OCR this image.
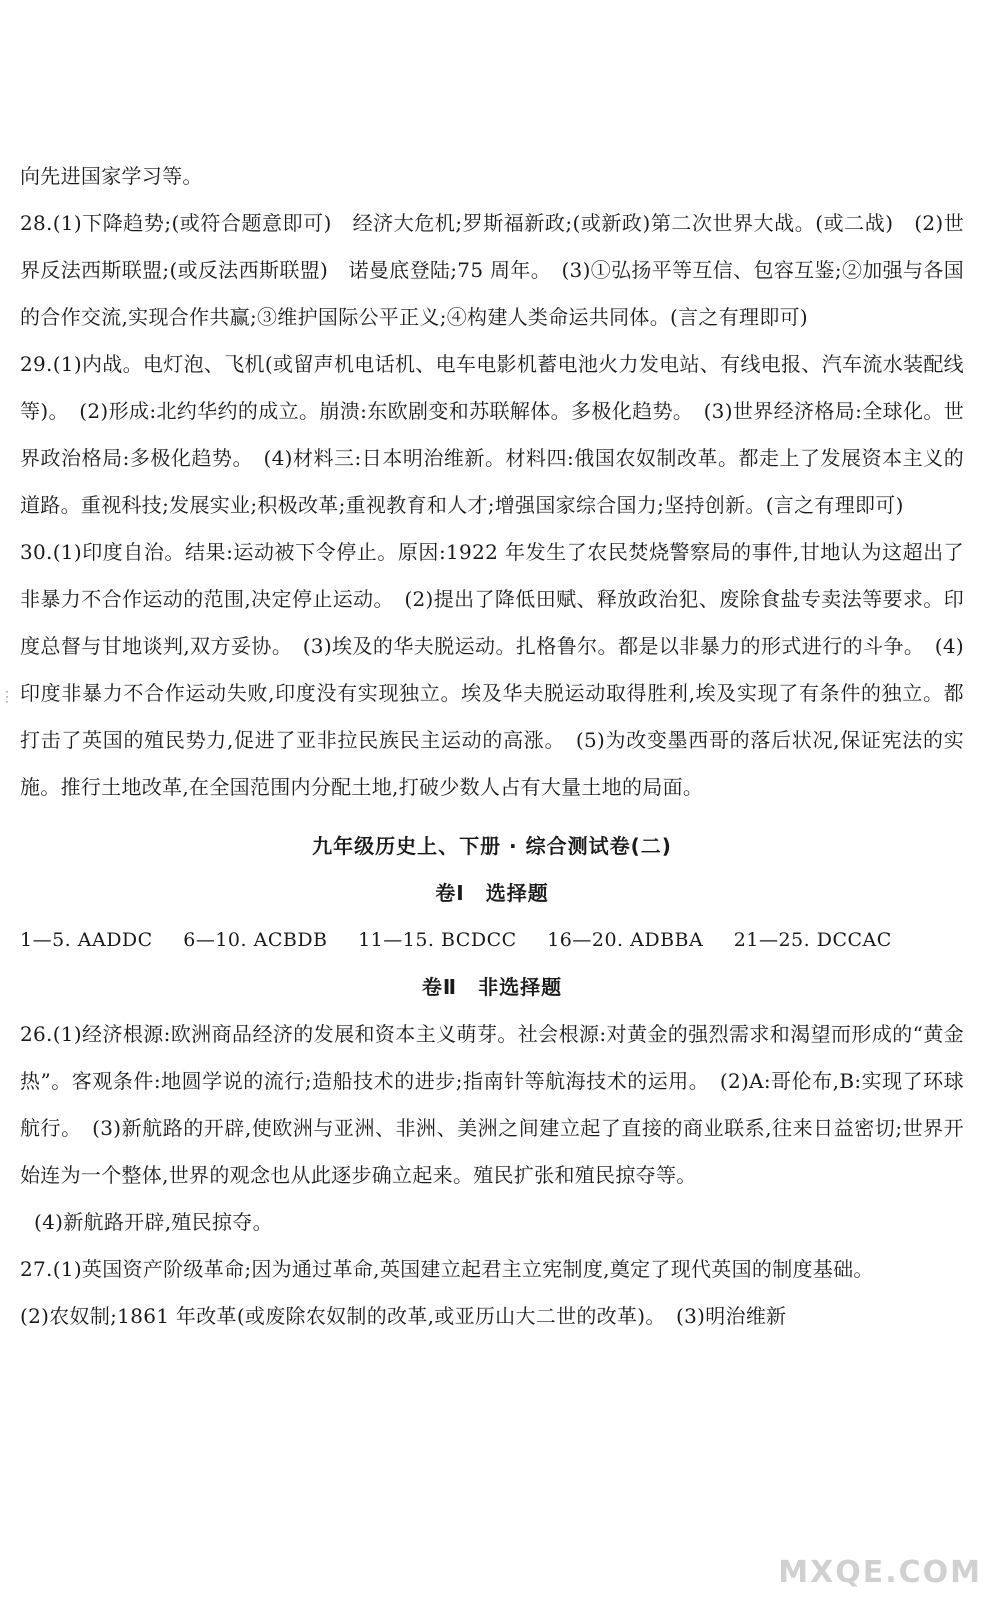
⋮

向先进国家学习等。

28.(1)下降趋势;(或符合题意即可)　经济大危机;罗斯福新政;(或新政)第二次世界大战。(或二战)　(2)世界反法西斯联盟;(或反法西斯联盟)　诺曼底登陆;75 周年。　(3)①弘扬平等互信、包容互鉴;②加强与各国的合作交流,实现合作共赢;③维护国际公平正义;④构建人类命运共同体。(言之有理即可)

29.(1)内战。电灯泡、飞机(或留声机电话机、电车电影机蓄电池火力发电站、有线电报、汽车流水装配线等)。　(2)形成:北约华约的成立。崩溃:东欧剧变和苏联解体。多极化趋势。　(3)世界经济格局:全球化。世界政治格局:多极化趋势。　(4)材料三:日本明治维新。材料四:俄国农奴制改革。都走上了发展资本主义的道路。重视科技;发展实业;积极改革;重视教育和人才;增强国家综合国力;坚持创新。(言之有理即可)

30.(1)印度自治。结果:运动被下令停止。原因:1922 年发生了农民焚烧警察局的事件,甘地认为这超出了非暴力不合作运动的范围,决定停止运动。　(2)提出了降低田赋、释放政治犯、废除食盐专卖法等要求。印度总督与甘地谈判,双方妥协。　(3)埃及的华夫脱运动。扎格鲁尔。都是以非暴力的形式进行的斗争。　(4)印度非暴力不合作运动失败,印度没有实现独立。埃及华夫脱运动取得胜利,埃及实现了有条件的独立。都打击了英国的殖民势力,促进了亚非拉民族民主运动的高涨。　(5)为改变墨西哥的落后状况,保证宪法的实施。推行土地改革,在全国范围内分配土地,打破少数人占有大量土地的局面。

九年级历史上、下册 · 综合测试卷(二)

卷Ⅰ　选择题

1—5. AADDC 6—10. ACBDB 11—15. BCDCC 16—20. ADBBA 21—25. DCCAC

卷Ⅱ　非选择题

26.(1)经济根源:欧洲商品经济的发展和资本主义萌芽。社会根源:对黄金的强烈需求和渴望而形成的“黄金热”。客观条件:地圆学说的流行;造船技术的进步;指南针等航海技术的运用。　(2)A:哥伦布,B:实现了环球航行。　(3)新航路的开辟,使欧洲与亚洲、非洲、美洲之间建立起了直接的商业联系,往来日益密切;世界开始连为一个整体,世界的观念也从此逐步确立起来。殖民扩张和殖民掠夺等。

(4)新航路开辟,殖民掠夺。

27.(1)英国资产阶级革命;因为通过革命,英国建立起君主立宪制度,奠定了现代英国的制度基础。

(2)农奴制;1861 年改革(或废除农奴制的改革,或亚历山大二世的改革)。　(3)明治维新

MXQE.COM
